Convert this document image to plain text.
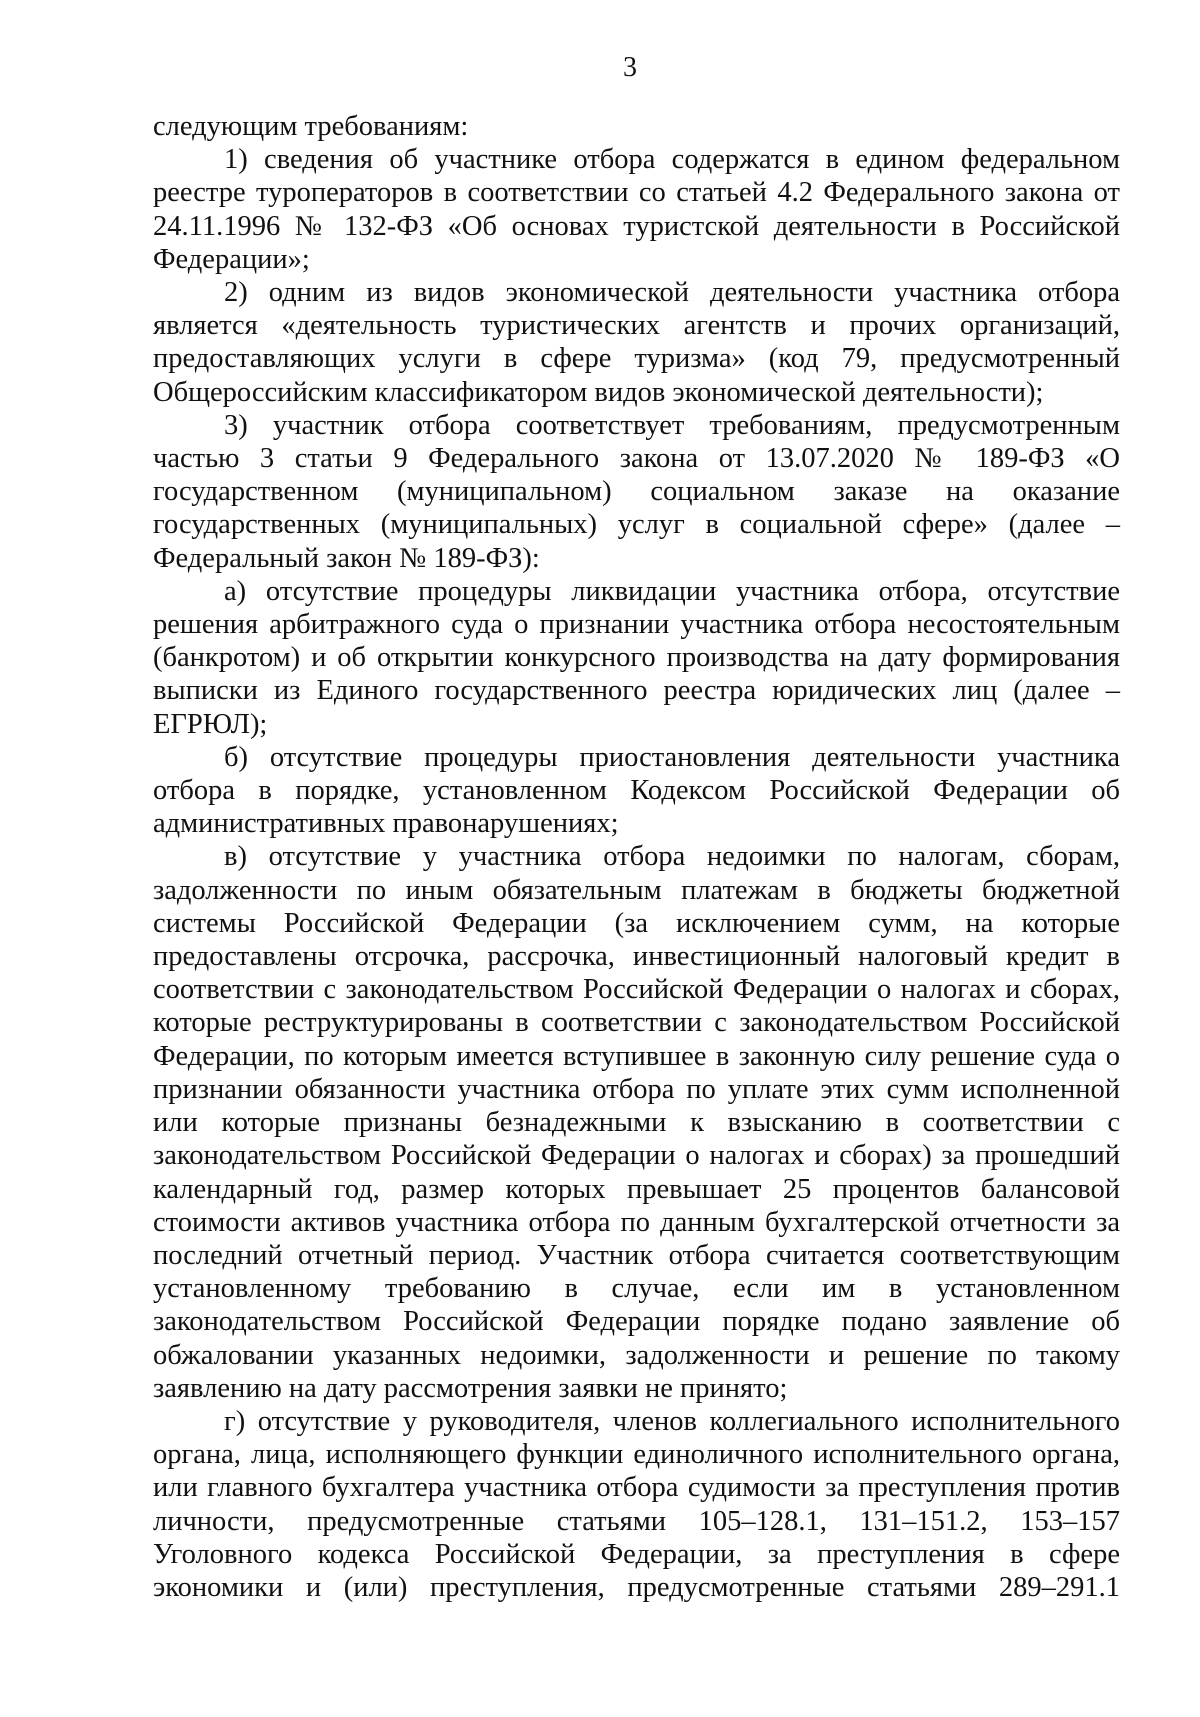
3

следующим требованиям:

1) сведения об участнике отбора содержатся в едином федеральном реестре туроператоров в соответствии со статьей 4.2 Федерального закона от 24.11.1996 № 132-ФЗ «Об основах туристской деятельности в Российской Федерации»;

2) одним из видов экономической деятельности участника отбора является «деятельность туристических агентств и прочих организаций, предоставляющих услуги в сфере туризма» (код 79, предусмотренный Общероссийским классификатором видов экономической деятельности);

3) участник отбора соответствует требованиям, предусмотренным частью 3 статьи 9 Федерального закона от 13.07.2020 № 189-ФЗ «О государственном (муниципальном) социальном заказе на оказание государственных (муниципальных) услуг в социальной сфере» (далее – Федеральный закон № 189-ФЗ):

а) отсутствие процедуры ликвидации участника отбора, отсутствие решения арбитражного суда о признании участника отбора несостоятельным (банкротом) и об открытии конкурсного производства на дату формирования выписки из Единого государственного реестра юридических лиц (далее – ЕГРЮЛ);

б) отсутствие процедуры приостановления деятельности участника отбора в порядке, установленном Кодексом Российской Федерации об административных правонарушениях;

в) отсутствие у участника отбора недоимки по налогам, сборам, задолженности по иным обязательным платежам в бюджеты бюджетной системы Российской Федерации (за исключением сумм, на которые предоставлены отсрочка, рассрочка, инвестиционный налоговый кредит в соответствии с законодательством Российской Федерации о налогах и сборах, которые реструктурированы в соответствии с законодательством Российской Федерации, по которым имеется вступившее в законную силу решение суда о признании обязанности участника отбора по уплате этих сумм исполненной или которые признаны безнадежными к взысканию в соответствии с законодательством Российской Федерации о налогах и сборах) за прошедший календарный год, размер которых превышает 25 процентов балансовой стоимости активов участника отбора по данным бухгалтерской отчетности за последний отчетный период. Участник отбора считается соответствующим установленному требованию в случае, если им в установленном законодательством Российской Федерации порядке подано заявление об обжаловании указанных недоимки, задолженности и решение по такому заявлению на дату рассмотрения заявки не принято;

г) отсутствие у руководителя, членов коллегиального исполнительного органа, лица, исполняющего функции единоличного исполнительного органа, или главного бухгалтера участника отбора судимости за преступления против личности, предусмотренные статьями 105–128.1, 131–151.2, 153–157 Уголовного кодекса Российской Федерации, за преступления в сфере экономики и (или) преступления, предусмотренные статьями 289–291.1
